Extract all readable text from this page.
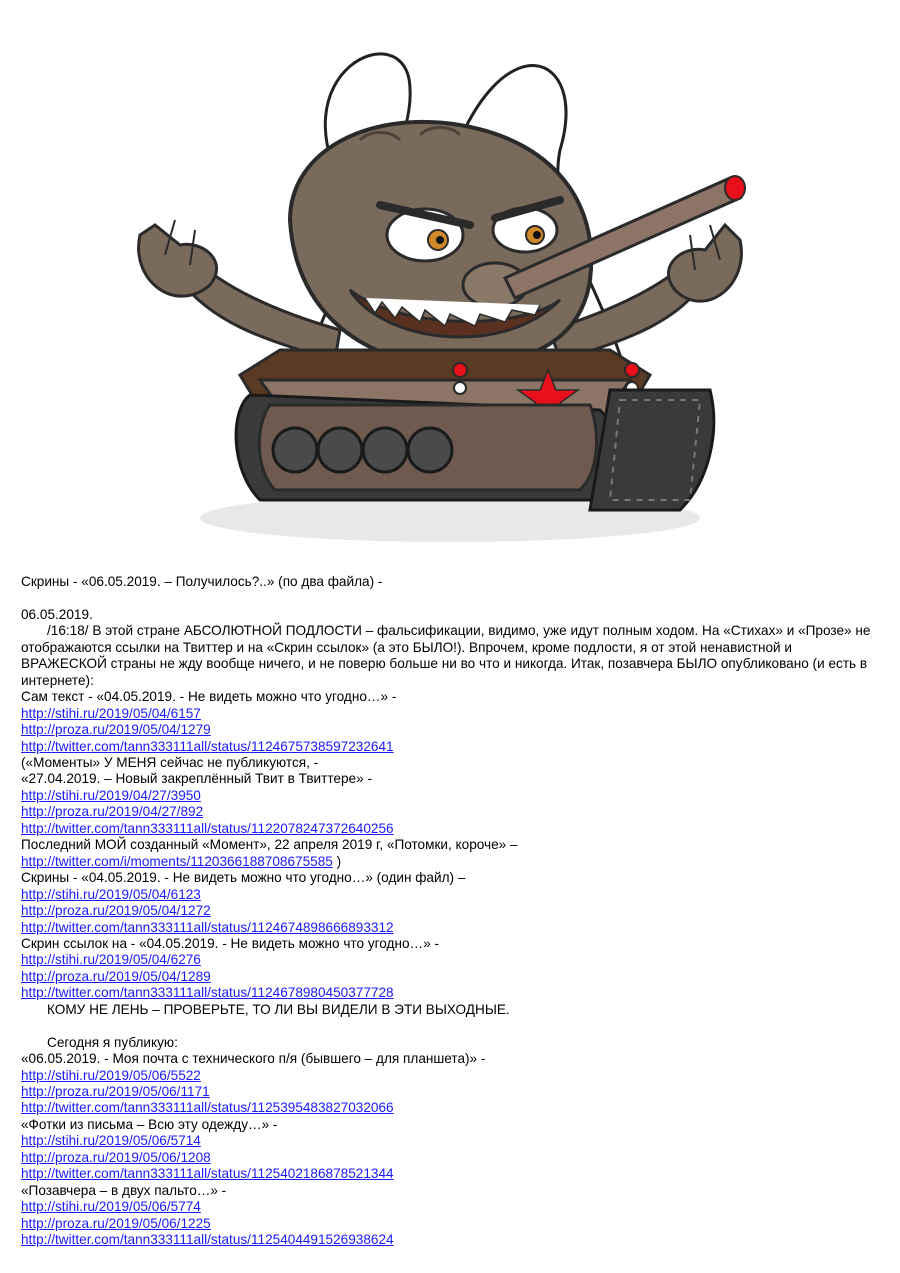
Скрины - «06.05.2019. – Получилось?..» (по два файла) -
06.05.2019.
/16:18/ В этой стране АБСОЛЮТНОЙ ПОДЛОСТИ – фальсификации, видимо, уже идут полным ходом. На «Стихах» и «Прозе» не отображаются ссылки на Твиттер и на «Скрин ссылок» (а это БЫЛО!). Впрочем, кроме подлости, я от этой ненавистной и ВРАЖЕСКОЙ страны не жду вообще ничего, и не поверю больше ни во что и никогда. Итак, позавчера БЫЛО опубликовано (и есть в интернете):
Сам текст - «04.05.2019. - Не видеть можно что угодно…» -
http://stihi.ru/2019/05/04/6157
http://proza.ru/2019/05/04/1279
http://twitter.com/tann333111all/status/1124675738597232641
(«Моменты» У МЕНЯ сейчас не публикуются, -
«27.04.2019. – Новый закреплённый Твит в Твиттере» -
http://stihi.ru/2019/04/27/3950
http://proza.ru/2019/04/27/892
http://twitter.com/tann333111all/status/1122078247372640256
Последний МОЙ созданный «Момент», 22 апреля 2019 г, «Потомки, короче» –
http://twitter.com/i/moments/1120366188708675585 )
Скрины - «04.05.2019. - Не видеть можно что угодно…» (один файл) –
http://stihi.ru/2019/05/04/6123
http://proza.ru/2019/05/04/1272
http://twitter.com/tann333111all/status/1124674898666893312
Скрин ссылок на - «04.05.2019. - Не видеть можно что угодно…» -
http://stihi.ru/2019/05/04/6276
http://proza.ru/2019/05/04/1289
http://twitter.com/tann333111all/status/1124678980450377728
КОМУ НЕ ЛЕНЬ – ПРОВЕРЬТЕ, ТО ЛИ ВЫ ВИДЕЛИ В ЭТИ ВЫХОДНЫЕ.
Сегодня я публикую:
«06.05.2019. - Моя почта с технического п/я (бывшего – для планшета)» -
http://stihi.ru/2019/05/06/5522
http://proza.ru/2019/05/06/1171
http://twitter.com/tann333111all/status/1125395483827032066
«Фотки из письма – Всю эту одежду…» -
http://stihi.ru/2019/05/06/5714
http://proza.ru/2019/05/06/1208
http://twitter.com/tann333111all/status/1125402186878521344
«Позавчера – в двух пальто…» -
http://stihi.ru/2019/05/06/5774
http://proza.ru/2019/05/06/1225
http://twitter.com/tann333111all/status/1125404491526938624
